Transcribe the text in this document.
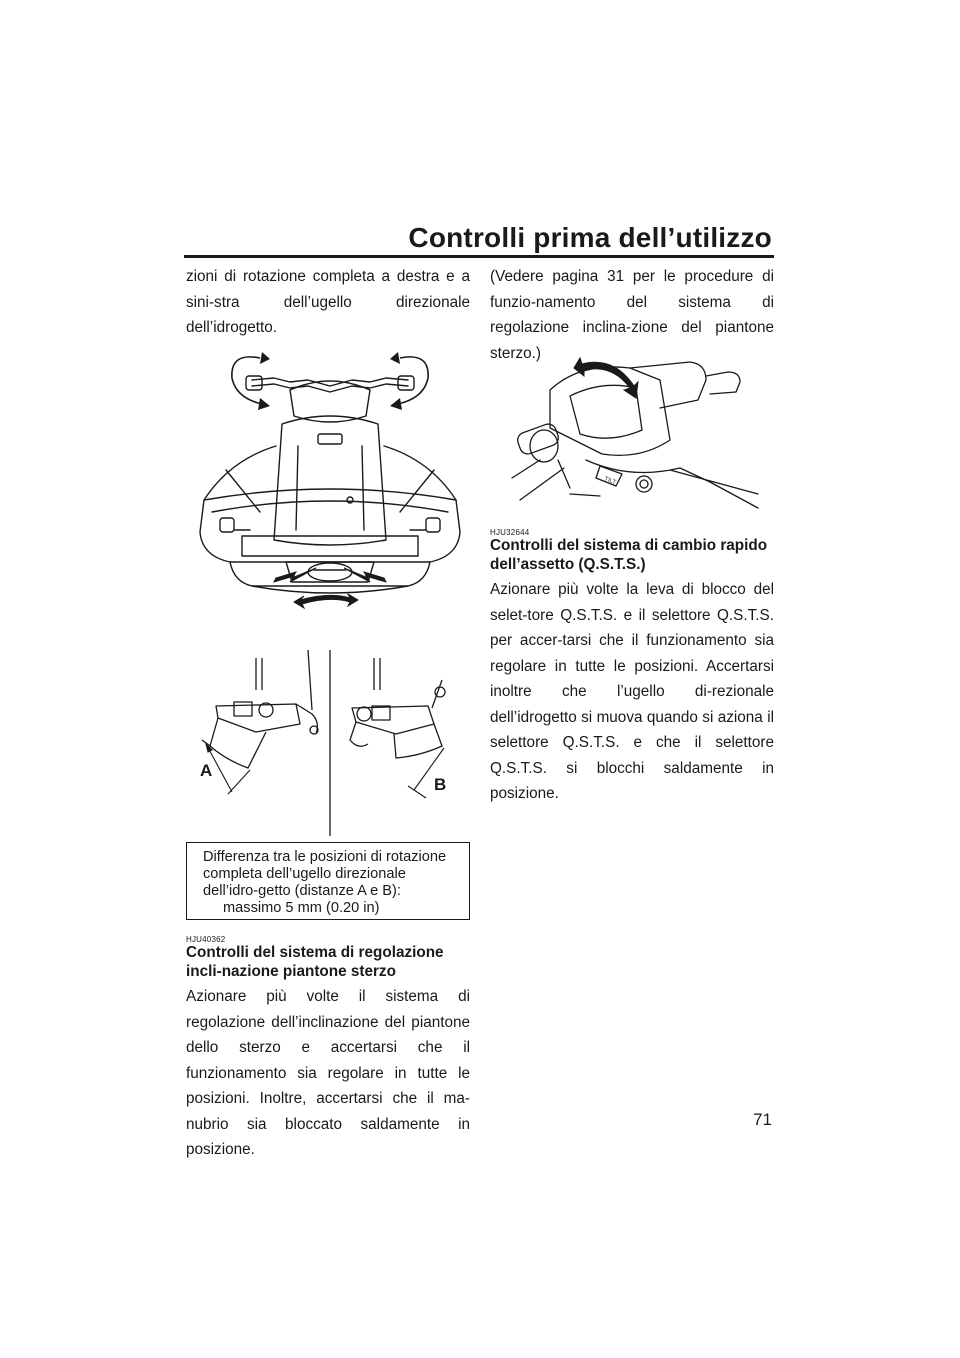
Controlli prima dell’utilizzo

zioni di rotazione completa a destra e a sini-stra dell’ugello direzionale dell’idrogetto.

A
B
Differenza tra le posizioni di rotazione completa dell’ugello direzionale dell’idro-getto (distanze A e B):
massimo 5 mm (0.20 in)
HJU40362
Controlli del sistema di regolazione incli-nazione piantone sterzo

Azionare più volte il sistema di regolazione dell’inclinazione del piantone dello sterzo e accertarsi che il funzionamento sia regolare in tutte le posizioni. Inoltre, accertarsi che il ma-nubrio sia bloccato saldamente in posizione.

(Vedere pagina 31 per le procedure di funzio-namento del sistema di regolazione inclina-zione del piantone sterzo.)

TILT
HJU32644
Controlli del sistema di cambio rapido dell’assetto (Q.S.T.S.)

Azionare più volte la leva di blocco del selet-tore Q.S.T.S. e il selettore Q.S.T.S. per accer-tarsi che il funzionamento sia regolare in tutte le posizioni. Accertarsi inoltre che l’ugello di-rezionale dell’idrogetto si muova quando si aziona il selettore Q.S.T.S. e che il selettore Q.S.T.S. si blocchi saldamente in posizione.

71
